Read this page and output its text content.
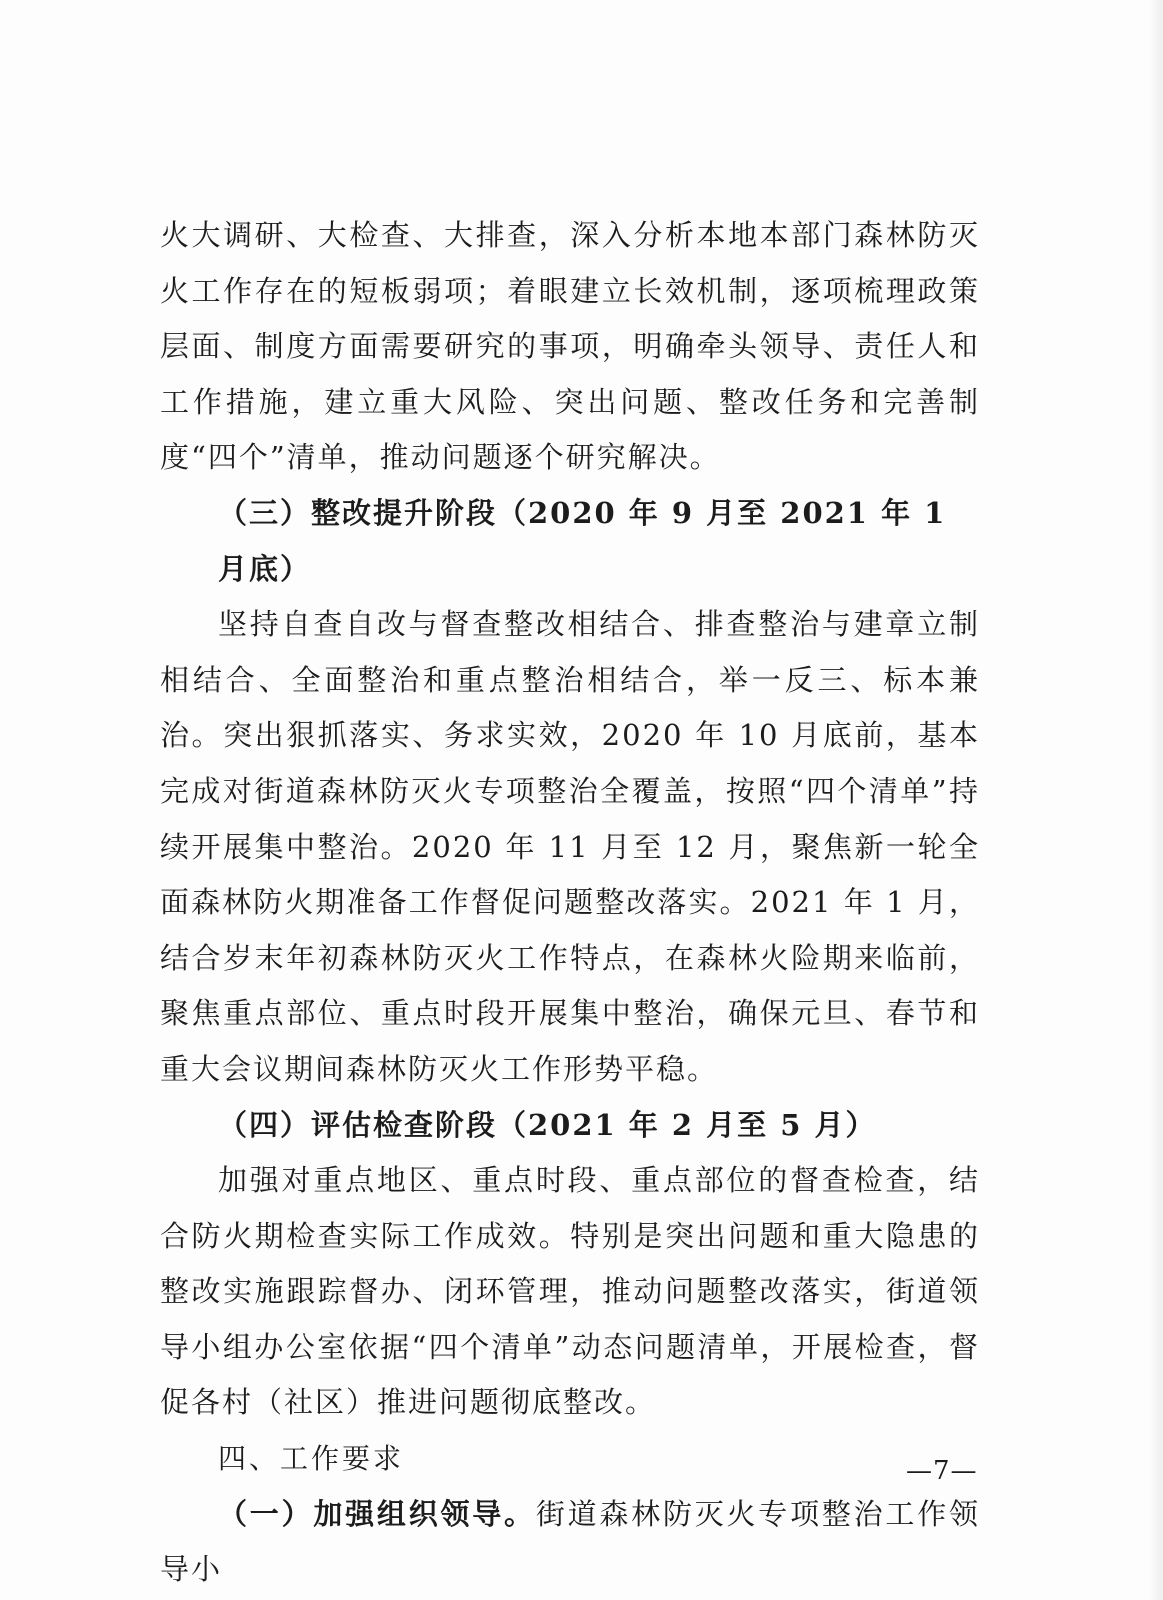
火大调研、大检查、大排查，深入分析本地本部门森林防灭火工作存在的短板弱项；着眼建立长效机制，逐项梳理政策层面、制度方面需要研究的事项，明确牵头领导、责任人和工作措施，建立重大风险、突出问题、整改任务和完善制度“四个”清单，推动问题逐个研究解决。

（三）整改提升阶段（2020 年 9 月至 2021 年 1 月底）

坚持自查自改与督查整改相结合、排查整治与建章立制相结合、全面整治和重点整治相结合，举一反三、标本兼治。突出狠抓落实、务求实效，2020 年 10 月底前，基本完成对街道森林防灭火专项整治全覆盖，按照“四个清单”持续开展集中整治。2020 年 11 月至 12 月，聚焦新一轮全面森林防火期准备工作督促问题整改落实。2021 年 1 月，结合岁末年初森林防灭火工作特点，在森林火险期来临前，聚焦重点部位、重点时段开展集中整治，确保元旦、春节和重大会议期间森林防灭火工作形势平稳。

（四）评估检查阶段（2021 年 2 月至 5 月）

加强对重点地区、重点时段、重点部位的督查检查，结合防火期检查实际工作成效。特别是突出问题和重大隐患的整改实施跟踪督办、闭环管理，推动问题整改落实，街道领导小组办公室依据“四个清单”动态问题清单，开展检查，督促各村（社区）推进问题彻底整改。

四、工作要求

（一）加强组织领导。街道森林防灭火专项整治工作领导小

—7—
